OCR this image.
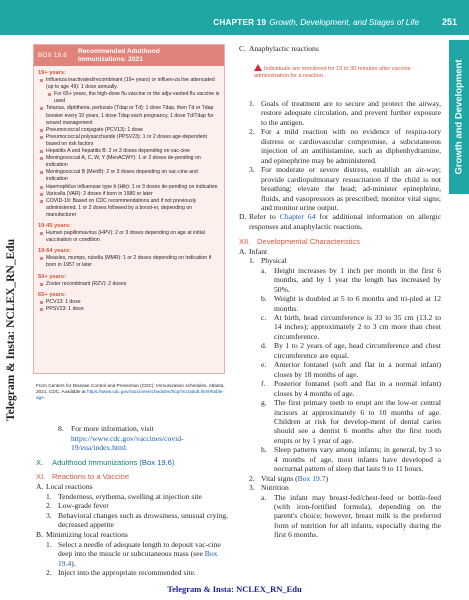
CHAPTER 19 Growth, Development, and Stages of Life	251
Growth and Development
Telegram & Insta: NCLEX_RN_Edu
BOX 19.6
Recommended Adulthood
Immunizations: 2021
19+ years:
Influenza inactivated/recombinant (19+ years) or influen-za live attenuated (up to age 49): 1 dose annually.
For 65+ years, the high-dose flu vaccine or the adju-vanted flu vaccine is used
Tetanus, diphtheria, pertussis (Tdap or Td): 1 dose Tdap, then Td or Tdap booster every 10 years, 1 dose Tdap each pregnancy, 1 dose Td/Tdap for wound management
Pneumococcal conjugate (PCV13): 1 dose
Pneumococcal polysaccharide (PPSV23): 1 or 2 doses age-dependent based on risk factors
Hepatitis A and hepatitis B: 2 or 3 doses depending on vac-cine
Meningococcal A, C, W, Y (MenACWY): 1 or 2 doses de-pending on indication
Meningococcal B (MenB): 2 or 3 doses depending on vac-cine and indication
Haemophilus influenzae type b (Hib): 1 or 3 doses de-pending on indication
Varicella (VAR): 2 doses if born in 1980 or later
COVID-19: Based on CDC recommendations and if not previously administered, 1 or 2 doses followed by a boost-er, depending on manufacturer
19-45 years:
Human papillomavirus (HPV): 2 or 3 doses depending on age at initial vaccination or condition
19-64 years:
Measles, mumps, rubella (MMR): 1 or 2 doses depending on indication if born in 1957 or later
50+ years:
Zoster recombinant (RZV): 2 doses
65+ years:
PCV13: 1 dose
PPSV23: 1 dose
From Centers for Disease Control and Prevention (CDC): Immunization schedules, Atlanta, 2021, CDC. Available at https://www.cdc.gov/vaccines/schedules/hcp/imz/adult.html#table-age.
8. For more information, visit https://www.cdc.gov/vaccines/covid-19/eua/index.html.
X. Adulthood Immunizations (Box 19.6)
XI. Reactions to a Vaccine
A. Local reactions
1. Tenderness, erythema, swelling at injection site
2. Low-grade fever
3. Behavioral changes such as drowsiness, unusual crying, decreased appetite
B. Minimizing local reactions
1. Select a needle of adequate length to deposit vac-cine deep into the muscle or subcutaneous mass (see Box 19.4).
2. Inject into the appropriate recommended site.
C. Anaphylactic reactions
Individuals are monitored for 15 to 30 minutes after vaccine administration for a reaction.
1. Goals of treatment are to secure and protect the airway, restore adequate circulation, and prevent further exposure to the antigen.
2. For a mild reaction with no evidence of respira-tory distress or cardiovascular compromise, a subcutaneous injection of an antihistamine, such as diphenhydramine, and epinephrine may be administered.
3. For moderate or severe distress, establish an air-way; provide cardiopulmonary resuscitation if the child is not breathing; elevate the head; ad-minister epinephrine, fluids, and vasopressors as prescribed; monitor vital signs; and monitor urine output.
D. Refer to Chapter 64 for additional information on allergic responses and anaphylactic reactions.
XII. Developmental Characteristics
A. Infant
1. Physical
a. Height increases by 1 inch per month in the first 6 months, and by 1 year the length has increased by 50%.
b. Weight is doubled at 5 to 6 months and tri-pled at 12 months.
c. At birth, head circumference is 33 to 35 cm (13.2 to 14 inches); approximately 2 to 3 cm more than chest circumference.
d. By 1 to 2 years of age, head circumference and chest circumference are equal.
e. Anterior fontanel (soft and flat in a normal infant) closes by 18 months of age.
f. Posterior fontanel (soft and flat in a normal infant) closes by 4 months of age.
g. The first primary teeth to erupt are the low-er central incisors at approximately 6 to 10 months of age. Children at risk for develop-ment of dental caries should see a dentist 6 months after the first tooth erupts or by 1 year of age.
h. Sleep patterns vary among infants; in general, by 3 to 4 months of age, most infants have developed a nocturnal pattern of sleep that lasts 9 to 11 hours.
2. Vital signs (Box 19.7)
3. Nutrition
a. The infant may breast-fed/chest-feed or bottle-feed (with iron-fortified formula), depending on the parent's choice; however, breast milk is the preferred form of nutrition for all infants, especially during the first 6 months.
Telegram & Insta: NCLEX_RN_Edu
